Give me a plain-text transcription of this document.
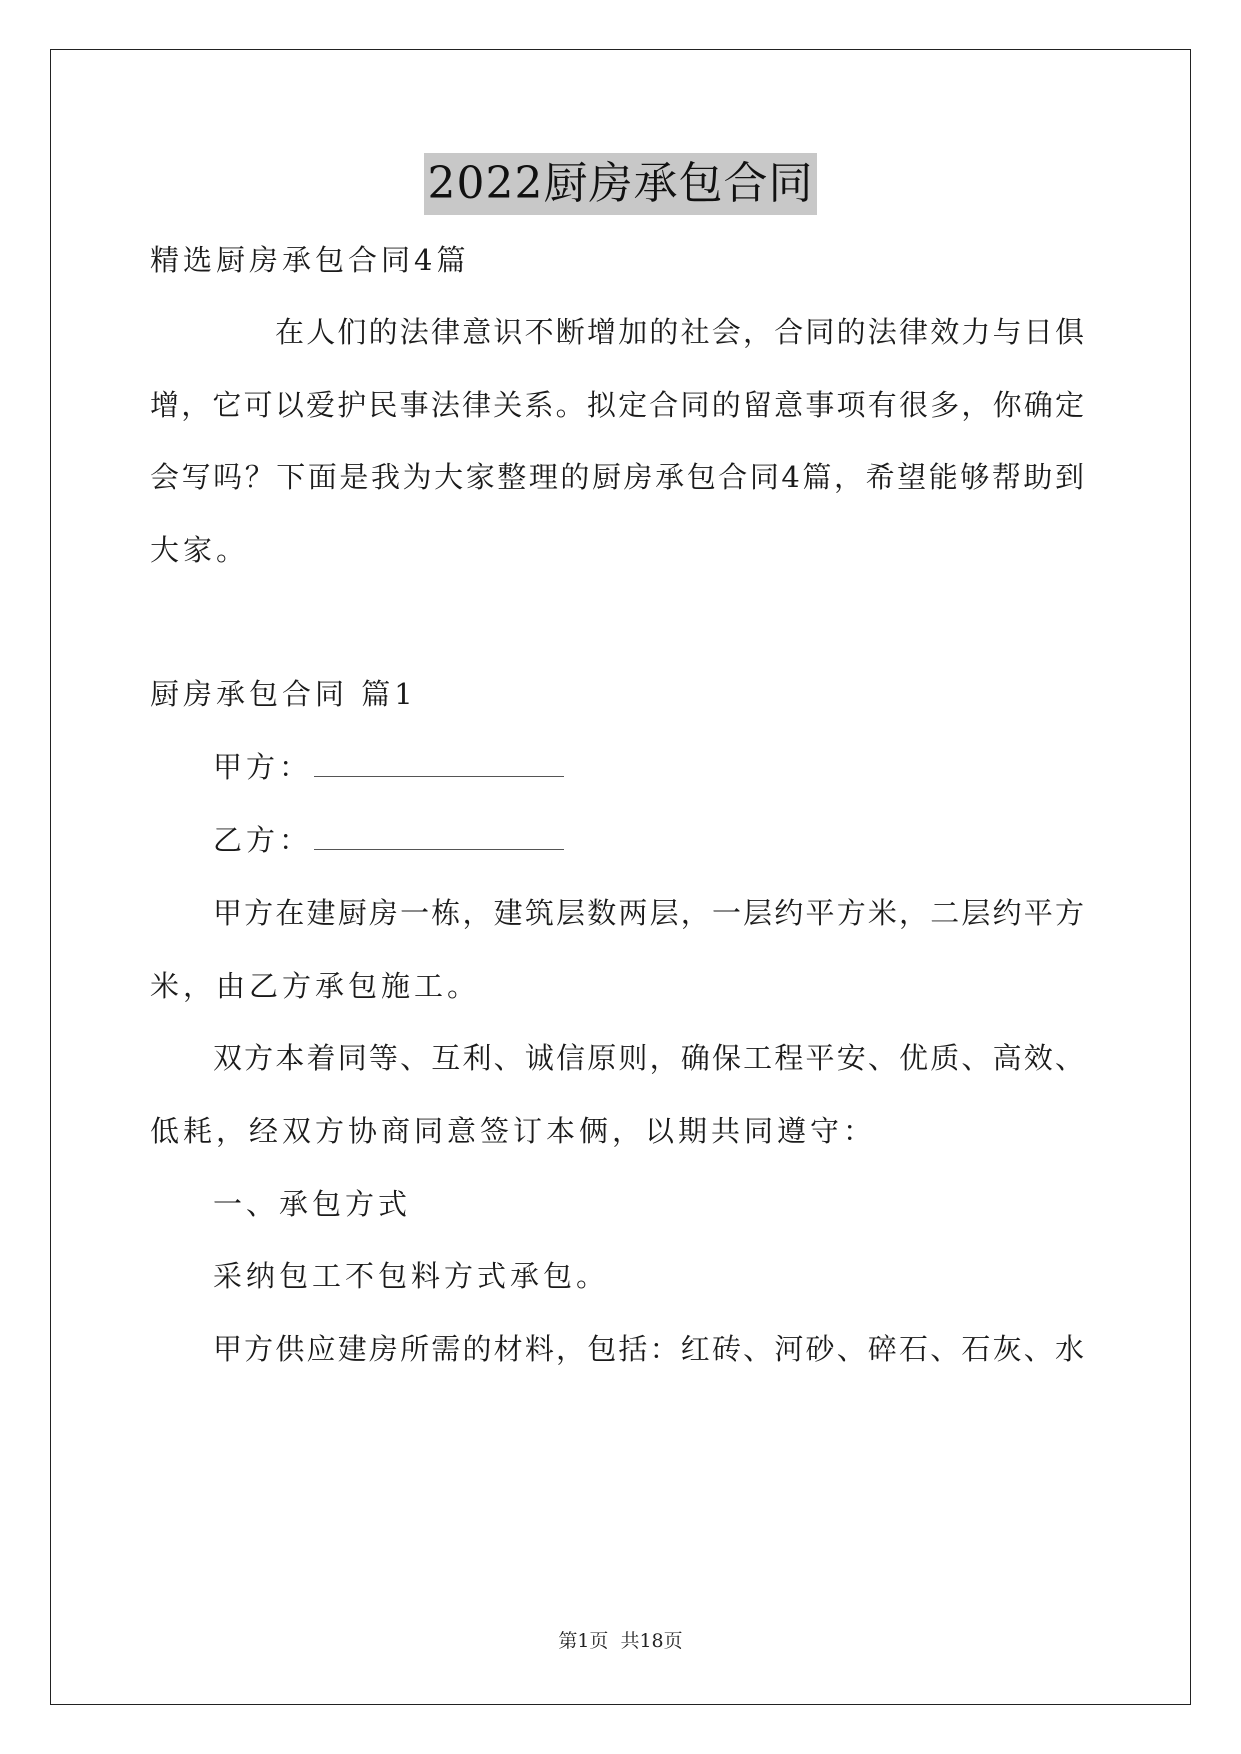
2022厨房承包合同
精选厨房承包合同4篇
在人们的法律意识不断增加的社会，合同的法律效力与日俱
增，它可以爱护民事法律关系。拟定合同的留意事项有很多，你确定
会写吗？下面是我为大家整理的厨房承包合同4篇，希望能够帮助到
大家。
厨房承包合同 篇1
甲方：
乙方：
甲方在建厨房一栋，建筑层数两层，一层约平方米，二层约平方
米，由乙方承包施工。
双方本着同等、互利、诚信原则，确保工程平安、优质、高效、
低耗，经双方协商同意签订本俩，以期共同遵守：
一、承包方式
采纳包工不包料方式承包。
甲方供应建房所需的材料，包括：红砖、河砂、碎石、石灰、水
第1页 共18页
